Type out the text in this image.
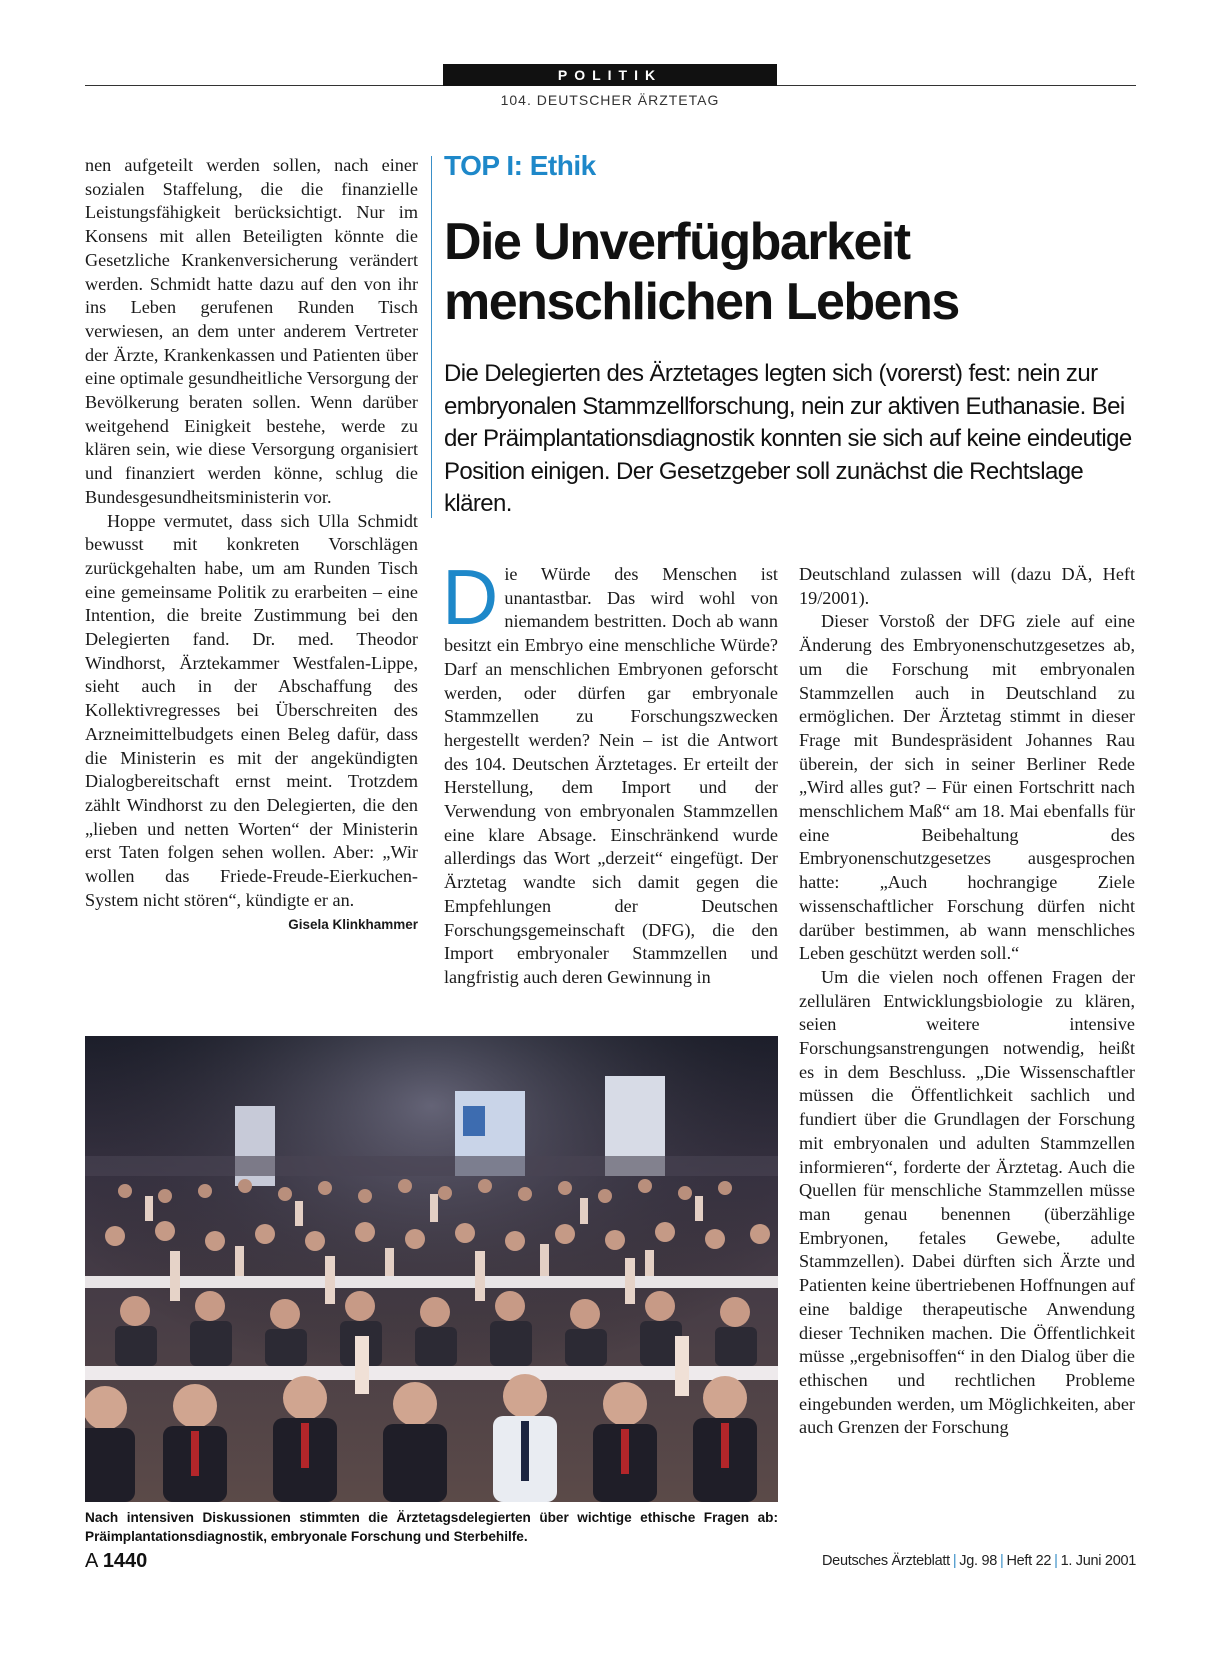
POLITIK
104. DEUTSCHER ÄRZTETAG

nen aufgeteilt werden sollen, nach einer sozialen Staffelung, die die finanzielle Leistungsfähigkeit berücksichtigt. Nur im Konsens mit allen Beteiligten könnte die Gesetzliche Krankenversicherung verändert werden. Schmidt hatte dazu auf den von ihr ins Leben gerufenen Runden Tisch verwiesen, an dem unter anderem Vertreter der Ärzte, Krankenkassen und Patienten über eine optimale gesundheitliche Versorgung der Bevölkerung beraten sollen. Wenn darüber weitgehend Einigkeit bestehe, werde zu klären sein, wie diese Versorgung organisiert und finanziert werden könne, schlug die Bundesgesundheitsministerin vor.

Hoppe vermutet, dass sich Ulla Schmidt bewusst mit konkreten Vorschlägen zurückgehalten habe, um am Runden Tisch eine gemeinsame Politik zu erarbeiten – eine Intention, die breite Zustimmung bei den Delegierten fand. Dr. med. Theodor Windhorst, Ärztekammer Westfalen-Lippe, sieht auch in der Abschaffung des Kollektivregresses bei Überschreiten des Arzneimittelbudgets einen Beleg dafür, dass die Ministerin es mit der angekündigten Dialogbereitschaft ernst meint. Trotzdem zählt Windhorst zu den Delegierten, die den „lieben und netten Worten“ der Ministerin erst Taten folgen sehen wollen. Aber: „Wir wollen das Friede-Freude-Eierkuchen-System nicht stören“, kündigte er an.
Gisela Klinkhammer

TOP I: Ethik
Die Unverfügbarkeit
menschlichen Lebens
Die Delegierten des Ärztetages legten sich (vorerst) fest: nein zur embryonalen Stammzellforschung, nein zur aktiven Euthanasie. Bei der Präimplantationsdiagnostik konnten sie sich auf keine eindeutige Position einigen. Der Gesetzgeber soll zunächst die Rechtslage klären.

Die Würde des Menschen ist unantastbar. Das wird wohl von niemandem bestritten. Doch ab wann besitzt ein Embryo eine menschliche Würde? Darf an menschlichen Embryonen geforscht werden, oder dürfen gar embryonale Stammzellen zu Forschungszwecken hergestellt werden? Nein – ist die Antwort des 104. Deutschen Ärztetages. Er erteilt der Herstellung, dem Import und der Verwendung von embryonalen Stammzellen eine klare Absage. Einschränkend wurde allerdings das Wort „derzeit“ eingefügt. Der Ärztetag wandte sich damit gegen die Empfehlungen der Deutschen Forschungsgemeinschaft (DFG), die den Import embryonaler Stammzellen und langfristig auch deren Gewinnung in

Deutschland zulassen will (dazu DÄ, Heft 19/2001).

Dieser Vorstoß der DFG ziele auf eine Änderung des Embryonenschutzgesetzes ab, um die Forschung mit embryonalen Stammzellen auch in Deutschland zu ermöglichen. Der Ärztetag stimmt in dieser Frage mit Bundespräsident Johannes Rau überein, der sich in seiner Berliner Rede „Wird alles gut? – Für einen Fortschritt nach menschlichem Maß“ am 18. Mai ebenfalls für eine Beibehaltung des Embryonenschutzgesetzes ausgesprochen hatte: „Auch hochrangige Ziele wissenschaftlicher Forschung dürfen nicht darüber bestimmen, ab wann menschliches Leben geschützt werden soll.“

Um die vielen noch offenen Fragen der zellulären Entwicklungsbiologie zu klären, seien weitere intensive Forschungsanstrengungen notwendig, heißt es in dem Beschluss. „Die Wissenschaftler müssen die Öffentlichkeit sachlich und fundiert über die Grundlagen der Forschung mit embryonalen und adulten Stammzellen informieren“, forderte der Ärztetag. Auch die Quellen für menschliche Stammzellen müsse man genau benennen (überzählige Embryonen, fetales Gewebe, adulte Stammzellen). Dabei dürften sich Ärzte und Patienten keine übertriebenen Hoffnungen auf eine baldige therapeutische Anwendung dieser Techniken machen. Die Öffentlichkeit müsse „ergebnisoffen“ in den Dialog über die ethischen und rechtlichen Probleme eingebunden werden, um Möglichkeiten, aber auch Grenzen der Forschung

Nach intensiven Diskussionen stimmten die Ärztetagsdelegierten über wichtige ethische Fragen ab: Präimplantationsdiagnostik, embryonale Forschung und Sterbehilfe.
A 1440	Deutsches Ärzteblatt | Jg. 98 | Heft 22 | 1. Juni 2001
